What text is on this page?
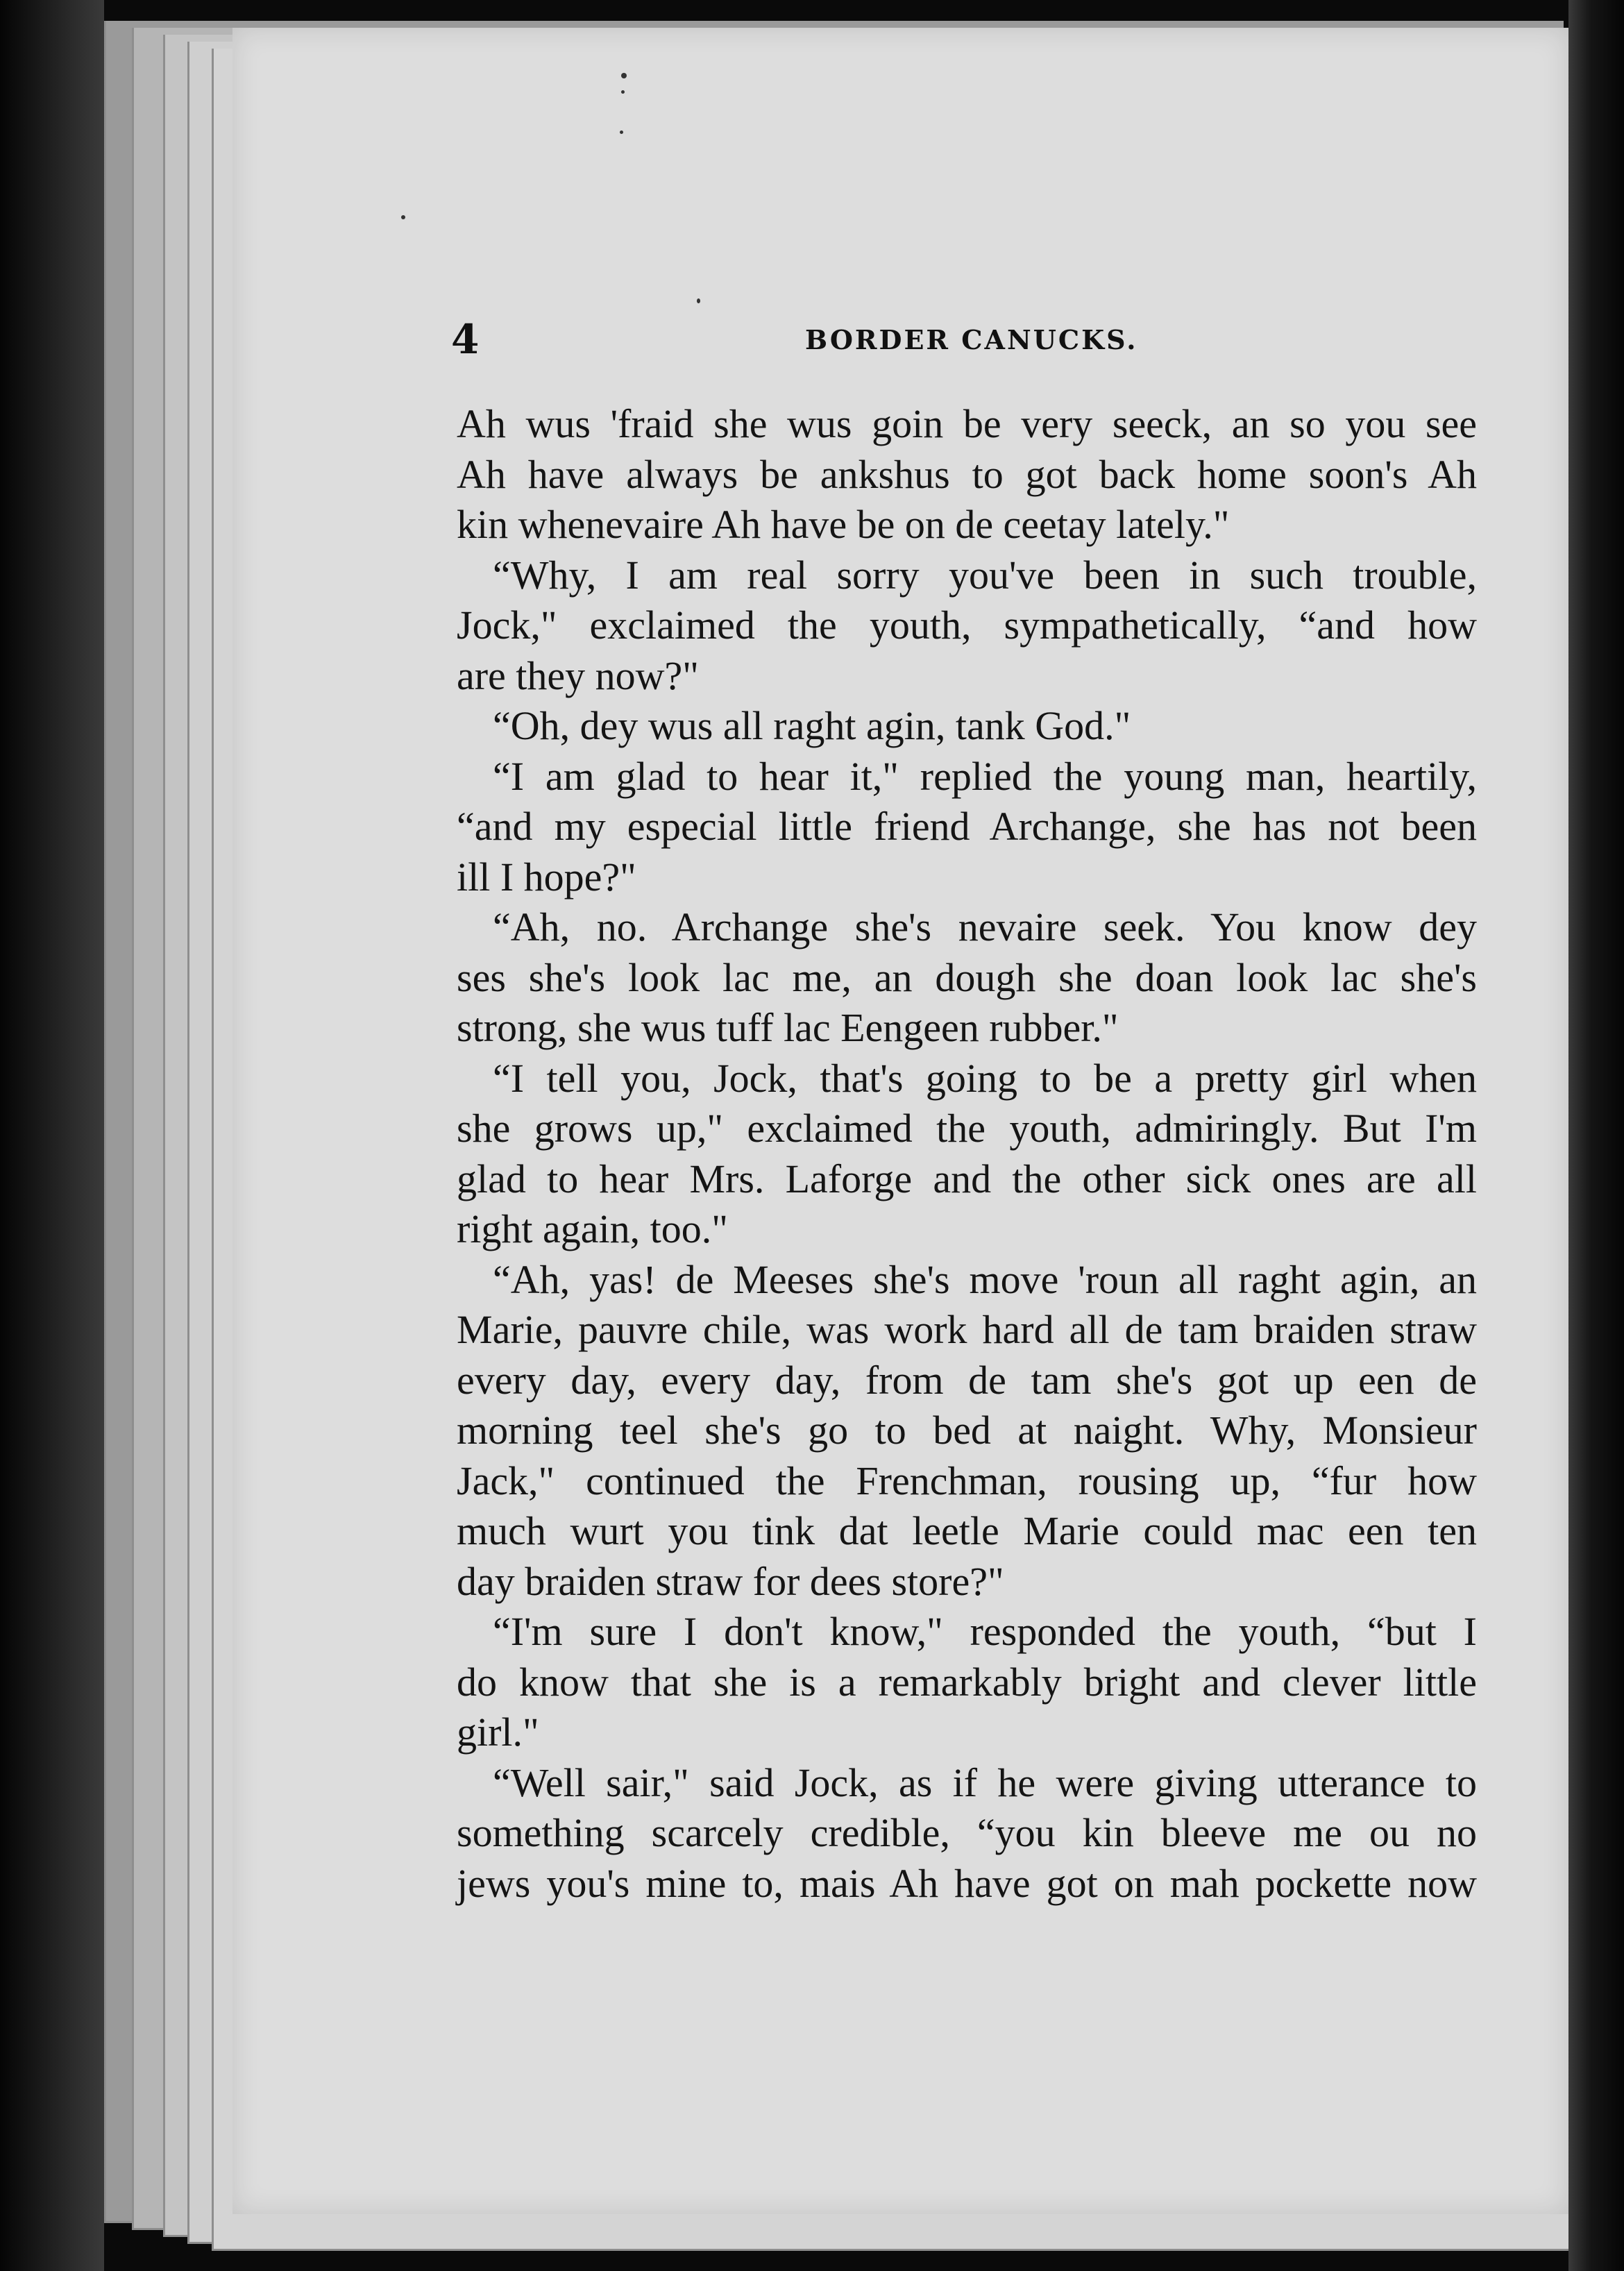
4	BORDER CANUCKS.

Ah wus 'fraid she wus goin be very seeck, an so you see
Ah have always be ankshus to got back home soon's Ah
kin whenevaire Ah have be on de ceetay lately."

“Why, I am real sorry you've been in such trouble,
Jock," exclaimed the youth, sympathetically, “and how
are they now?"

“Oh, dey wus all raght agin, tank God."

“I am glad to hear it," replied the young man, heartily,
“and my especial little friend Archange, she has not been
ill I hope?"

“Ah, no. Archange she's nevaire seek. You know dey
ses she's look lac me, an dough she doan look lac she's
strong, she wus tuff lac Eengeen rubber."

“I tell you, Jock, that's going to be a pretty girl when
she grows up," exclaimed the youth, admiringly. But I'm
glad to hear Mrs. Laforge and the other sick ones are all
right again, too."

“Ah, yas! de Meeses she's move 'roun all raght agin, an
Marie, pauvre chile, was work hard all de tam braiden straw
every day, every day, from de tam she's got up een de
morning teel she's go to bed at naight. Why, Monsieur
Jack," continued the Frenchman, rousing up, “fur how
much wurt you tink dat leetle Marie could mac een ten
day braiden straw for dees store?"

“I'm sure I don't know," responded the youth, “but I
do know that she is a remarkably bright and clever little
girl."

“Well sair," said Jock, as if he were giving utterance to
something scarcely credible, “you kin bleeve me ou no
jews you's mine to, mais Ah have got on mah pockette now
